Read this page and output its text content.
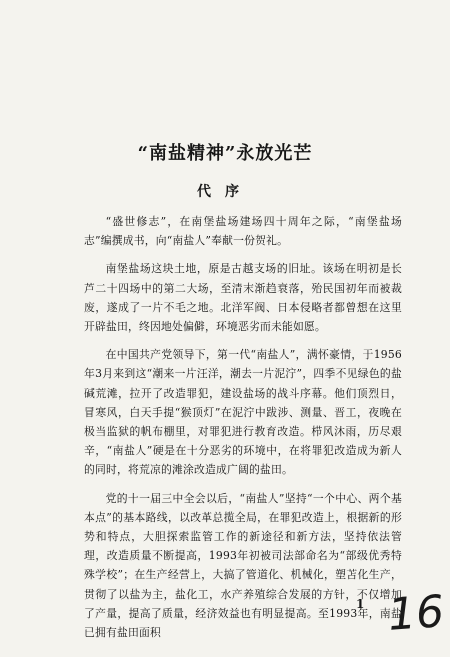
“南盐精神”永放光芒
代序

“盛世修志”，在南堡盐场建场四十周年之际，“南堡盐场志”编撰成书，向“南盐人”奉献一份贺礼。

南堡盐场这块土地，原是古越支场的旧址。该场在明初是长芦二十四场中的第二大场，至清末渐趋衰落，殆民国初年而被裁废，遂成了一片不毛之地。北洋军阀、日本侵略者都曾想在这里开辟盐田，终因地处偏僻，环境恶劣而未能如愿。

在中国共产党领导下，第一代“南盐人”，满怀豪情，于1956年3月来到这“潮来一片汪洋，潮去一片泥泞”，四季不见绿色的盐碱荒滩，拉开了改造罪犯，建设盐场的战斗序幕。他们顶烈日，冒寒风，白天手提“猴顶灯”在泥泞中跋涉、测量、晋工，夜晚在极当监狱的帆布棚里，对罪犯进行教育改造。栉风沐雨，历尽艰辛，“南盐人”硬是在十分恶劣的环境中，在将罪犯改造成为新人的同时，将荒凉的滩涂改造成广阔的盐田。

党的十一届三中全会以后，“南盐人”坚持“一个中心、两个基本点”的基本路线，以改革总揽全局，在罪犯改造上，根据新的形势和特点，大胆探索监管工作的新途径和新方法，坚持依法管理，改造质量不断提高，1993年初被司法部命名为“部级优秀特殊学校”；在生产经营上，大搞了管道化、机械化，塑苫化生产，贯彻了以盐为主，盐化工，水产养殖综合发展的方针，不仅增加了产量，提高了质量，经济效益也有明显提高。至1993年，南盐已拥有盐田面积

1 16
